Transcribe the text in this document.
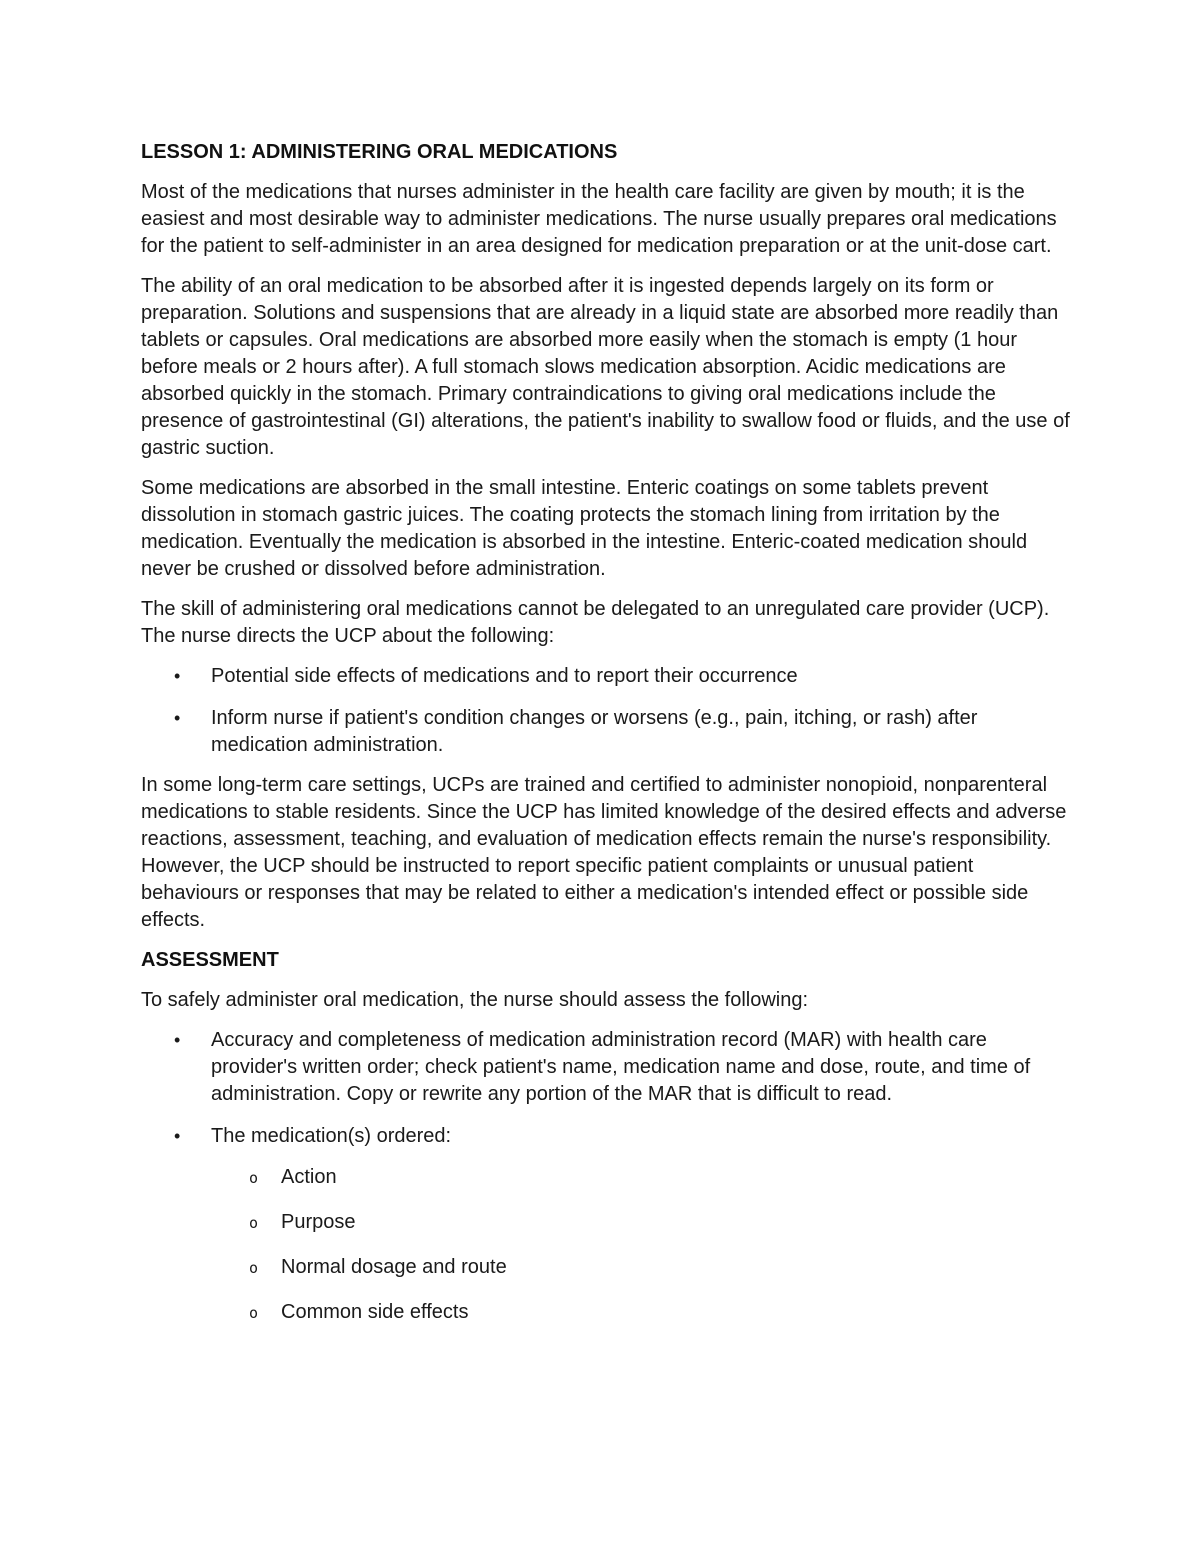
LESSON 1: ADMINISTERING ORAL MEDICATIONS

Most of the medications that nurses administer in the health care facility are given by mouth; it is the easiest and most desirable way to administer medications. The nurse usually prepares oral medications for the patient to self-administer in an area designed for medication preparation or at the unit-dose cart.

The ability of an oral medication to be absorbed after it is ingested depends largely on its form or preparation. Solutions and suspensions that are already in a liquid state are absorbed more readily than tablets or capsules. Oral medications are absorbed more easily when the stomach is empty (1 hour before meals or 2 hours after). A full stomach slows medication absorption. Acidic medications are absorbed quickly in the stomach. Primary contraindications to giving oral medications include the presence of gastrointestinal (GI) alterations, the patient's inability to swallow food or fluids, and the use of gastric suction.

Some medications are absorbed in the small intestine. Enteric coatings on some tablets prevent dissolution in stomach gastric juices. The coating protects the stomach lining from irritation by the medication. Eventually the medication is absorbed in the intestine. Enteric-coated medication should never be crushed or dissolved before administration.

The skill of administering oral medications cannot be delegated to an unregulated care provider (UCP). The nurse directs the UCP about the following:

• Potential side effects of medications and to report their occurrence
• Inform nurse if patient's condition changes or worsens (e.g., pain, itching, or rash) after medication administration.

In some long-term care settings, UCPs are trained and certified to administer nonopioid, nonparenteral medications to stable residents. Since the UCP has limited knowledge of the desired effects and adverse reactions, assessment, teaching, and evaluation of medication effects remain the nurse's responsibility. However, the UCP should be instructed to report specific patient complaints or unusual patient behaviours or responses that may be related to either a medication's intended effect or possible side effects.

ASSESSMENT

To safely administer oral medication, the nurse should assess the following:

• Accuracy and completeness of medication administration record (MAR) with health care provider's written order; check patient's name, medication name and dose, route, and time of administration. Copy or rewrite any portion of the MAR that is difficult to read.
• The medication(s) ordered:
o Action
o Purpose
o Normal dosage and route
o Common side effects
